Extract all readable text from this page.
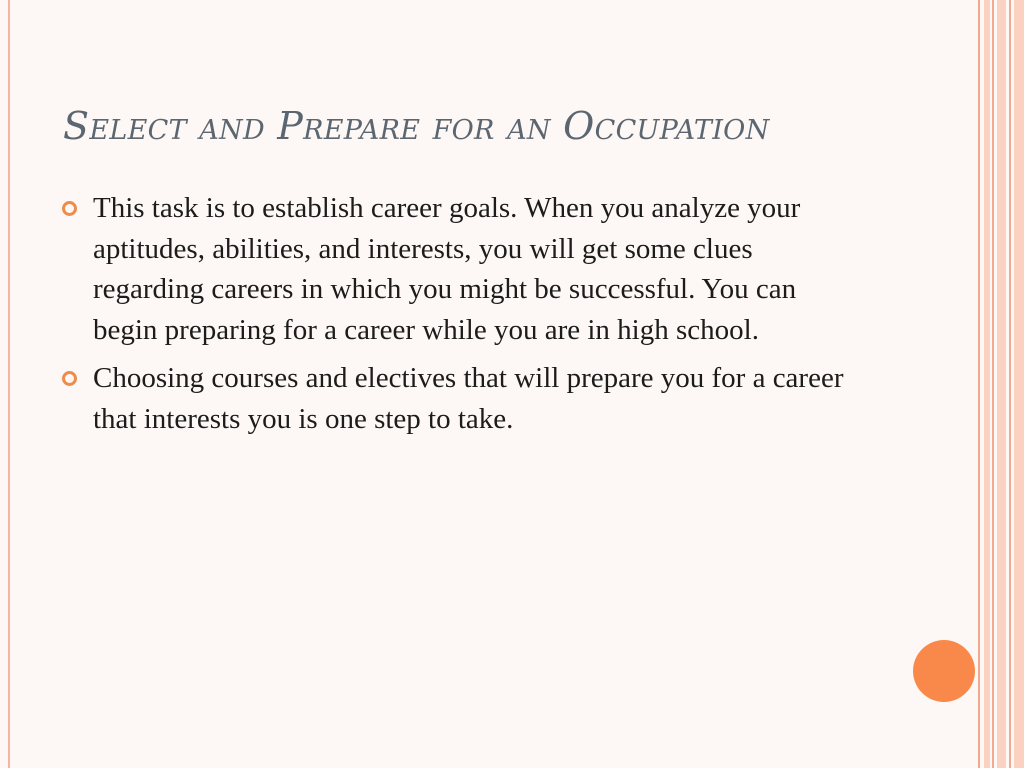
Select and Prepare for an Occupation
This task is to establish career goals. When you analyze your aptitudes, abilities, and interests, you will get some clues regarding careers in which you might be successful. You can begin preparing for a career while you are in high school.
Choosing courses and electives that will prepare you for a career that interests you is one step to take.
